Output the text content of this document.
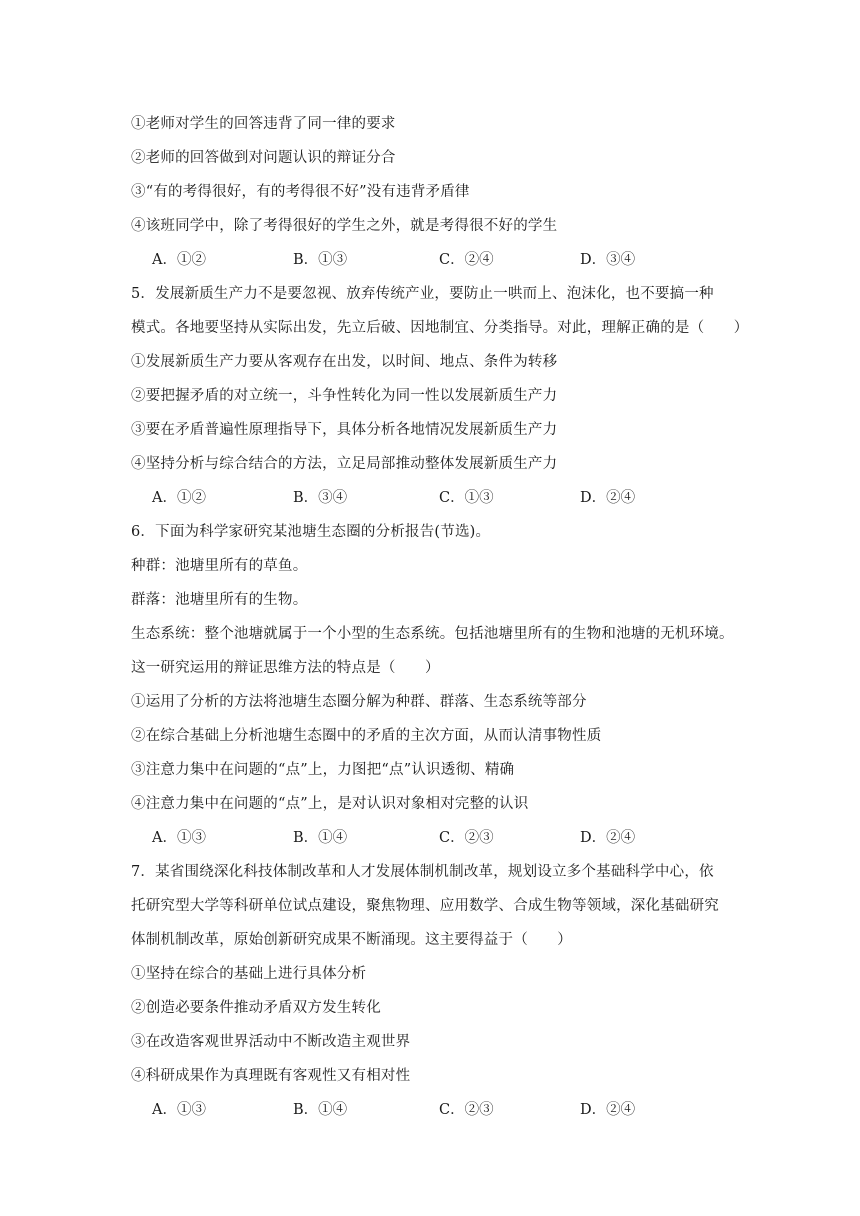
①老师对学生的回答违背了同一律的要求
②老师的回答做到对问题认识的辩证分合
③“有的考得很好，有的考得很不好”没有违背矛盾律
④该班同学中，除了考得很好的学生之外，就是考得很不好的学生
A．①②	B．①③	C．②④	D．③④
5．发展新质生产力不是要忽视、放弃传统产业，要防止一哄而上、泡沫化，也不要搞一种
模式。各地要坚持从实际出发，先立后破、因地制宜、分类指导。对此，理解正确的是（　　）
①发展新质生产力要从客观存在出发，以时间、地点、条件为转移
②要把握矛盾的对立统一，斗争性转化为同一性以发展新质生产力
③要在矛盾普遍性原理指导下，具体分析各地情况发展新质生产力
④坚持分析与综合结合的方法，立足局部推动整体发展新质生产力
A．①②	B．③④	C．①③	D．②④
6．下面为科学家研究某池塘生态圈的分析报告(节选)。
种群：池塘里所有的草鱼。
群落：池塘里所有的生物。
生态系统：整个池塘就属于一个小型的生态系统。包括池塘里所有的生物和池塘的无机环境。
这一研究运用的辩证思维方法的特点是（　　）
①运用了分析的方法将池塘生态圈分解为种群、群落、生态系统等部分
②在综合基础上分析池塘生态圈中的矛盾的主次方面，从而认清事物性质
③注意力集中在问题的“点”上，力图把“点”认识透彻、精确
④注意力集中在问题的“点”上，是对认识对象相对完整的认识
A．①③	B．①④	C．②③	D．②④
7．某省围绕深化科技体制改革和人才发展体制机制改革，规划设立多个基础科学中心，依
托研究型大学等科研单位试点建设，聚焦物理、应用数学、合成生物等领域，深化基础研究
体制机制改革，原始创新研究成果不断涌现。这主要得益于（　　）
①坚持在综合的基础上进行具体分析
②创造必要条件推动矛盾双方发生转化
③在改造客观世界活动中不断改造主观世界
④科研成果作为真理既有客观性又有相对性
A．①③	B．①④	C．②③	D．②④
